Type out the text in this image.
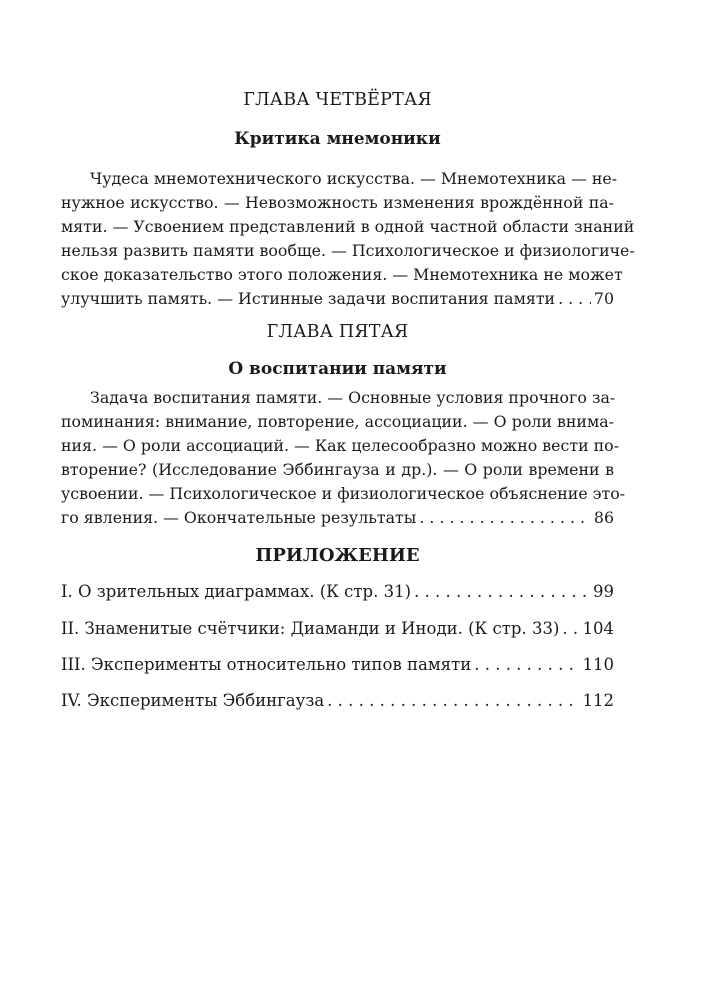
ГЛАВА ЧЕТВЁРТАЯ
Критика мнемоники
Чудеса мнемотехнического искусства. — Мнемотехника — не-
нужное искусство. — Невозможность изменения врождённой па-
мяти. — Усвоением представлений в одной частной области знаний
нельзя развить памяти вообще. — Психологическое и физиологиче-
ское доказательство этого положения. — Мнемотехника не может
улучшить память. — Истинные задачи воспитания памяти . . . 70
ГЛАВА ПЯТАЯ
О воспитании памяти
Задача воспитания памяти. — Основные условия прочного за-
поминания: внимание, повторение, ассоциации. — О роли внима-
ния. — О роли ассоциаций. — Как целесообразно можно вести по-
вторение? (Исследование Эббингауза и др.). — О роли времени в
усвоении. — Психологическое и физиологическое объяснение это-
го явления. — Окончательные результаты . . .	86
ПРИЛОЖЕНИЕ
I. О зрительных диаграммах. (К стр. 31) . . .	99
II. Знаменитые счётчики: Диаманди и Иноди. (К стр. 33) . . . 104
III. Эксперименты относительно типов памяти . . .	110
IV. Эксперименты Эббингауза . . .	112
